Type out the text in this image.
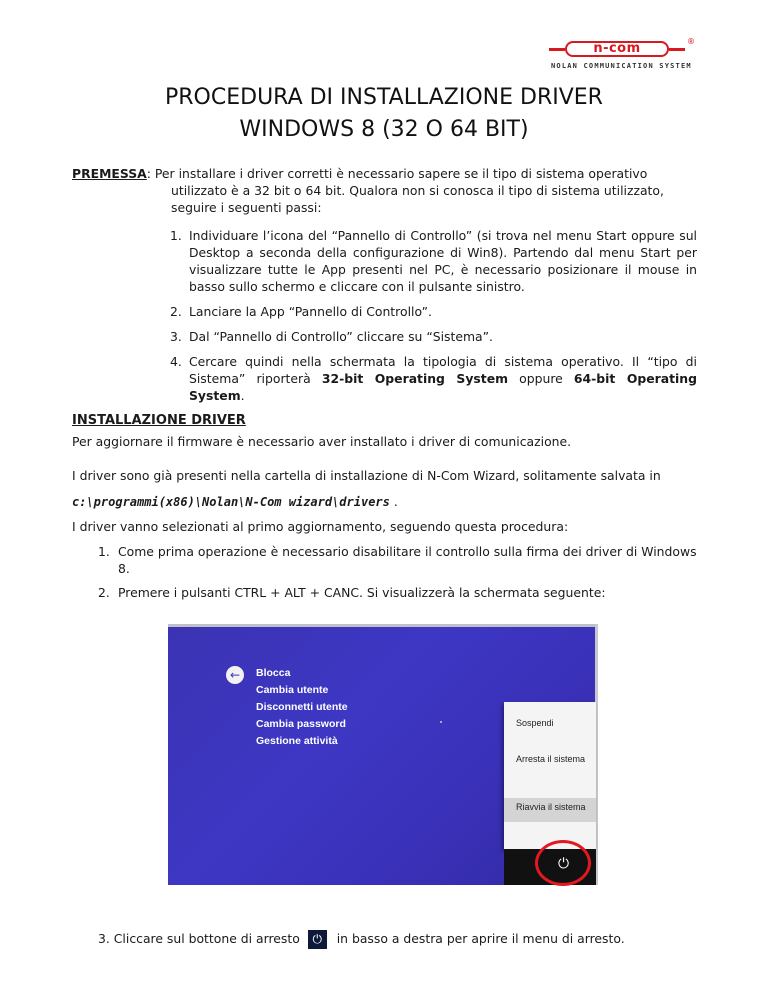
n-com	®
NOLAN COMMUNICATION SYSTEM
PROCEDURA DI INSTALLAZIONE DRIVER
WINDOWS 8 (32 O 64 BIT)
PREMESSA: Per installare i driver corretti è necessario sapere se il tipo di sistema operativo
utilizzato è a 32 bit o 64 bit. Qualora non si conosca il tipo di sistema utilizzato, seguire i seguenti passi:
1. Individuare l’icona del “Pannello di Controllo” (si trova nel menu Start oppure sul Desktop a seconda della configurazione di Win8). Partendo dal menu Start per visualizzare tutte le App presenti nel PC, è necessario posizionare il mouse in basso sullo schermo e cliccare con il pulsante sinistro.
2. Lanciare la App “Pannello di Controllo”.
3. Dal “Pannello di Controllo” cliccare su “Sistema”.
4. Cercare quindi nella schermata la tipologia di sistema operativo. Il “tipo di Sistema” riporterà 32-bit Operating System oppure 64-bit Operating System.
INSTALLAZIONE DRIVER
Per aggiornare il firmware è necessario aver installato i driver di comunicazione.
I driver sono già presenti nella cartella di installazione di N-Com Wizard, solitamente salvata in
c:\programmi(x86)\Nolan\N-Com wizard\drivers .
I driver vanno selezionati al primo aggiornamento, seguendo questa procedura:
1. Come prima operazione è necessario disabilitare il controllo sulla firma dei driver di Windows 8.
2. Premere i pulsanti CTRL + ALT + CANC. Si visualizzerà la schermata seguente:
←	Blocca
Cambia utente
Disconnetti utente
Cambia password
Gestione attività
Sospendi
Arresta il sistema
Riavvia il sistema
⏻
3. Cliccare sul bottone di arresto ⏻ in basso a destra per aprire il menu di arresto.
